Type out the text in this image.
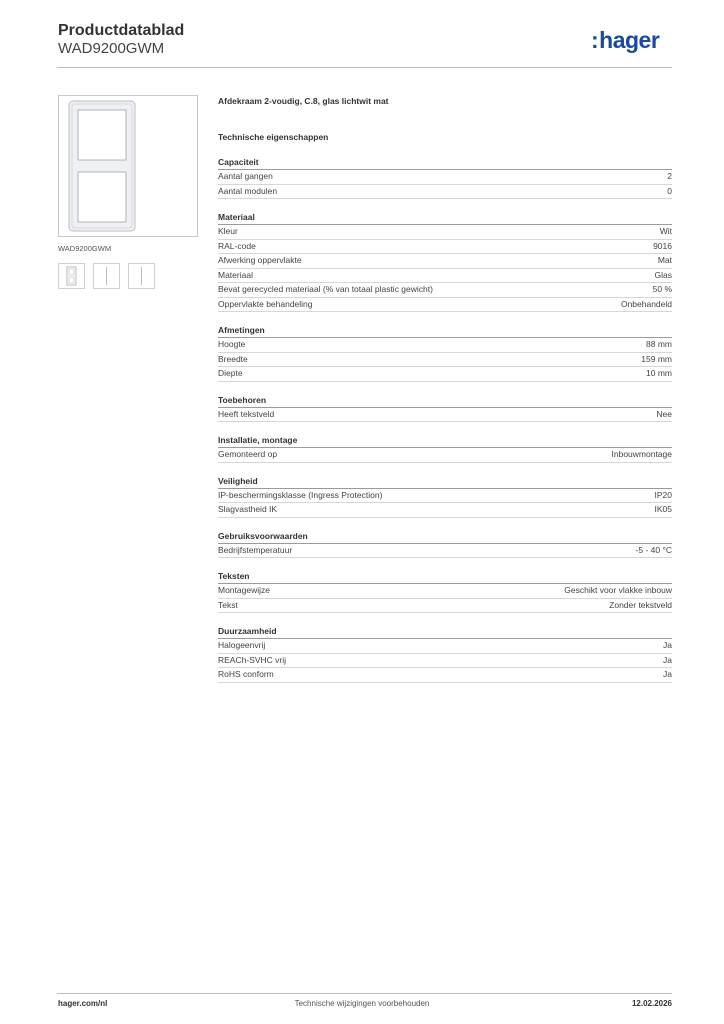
Productdatablad
WAD9200GWM	:hager
WAD9200GWM
Afdekraam 2-voudig, C.8, glas lichtwit mat
Technische eigenschappen
Capaciteit
Aantal gangen	2
Aantal modulen	0
Materiaal
Kleur	Wit
RAL-code	9016
Afwerking oppervlakte	Mat
Materiaal	Glas
Bevat gerecycled materiaal (% van totaal plastic gewicht)	50 %
Oppervlakte behandeling	Onbehandeld
Afmetingen
Hoogte	88 mm
Breedte	159 mm
Diepte	10 mm
Toebehoren
Heeft tekstveld	Nee
Installatie, montage
Gemonteerd op	Inbouwmontage
Veiligheid
IP-beschermingsklasse (Ingress Protection)	IP20
Slagvastheid IK	IK05
Gebruiksvoorwaarden
Bedrijfstemperatuur	-5 - 40 °C
Teksten
Montagewijze	Geschikt voor vlakke inbouw
Tekst	Zonder tekstveld
Duurzaamheid
Halogeenvrij	Ja
REACh-SVHC vrij	Ja
RoHS conform	Ja
hager.com/nl	Technische wijzigingen voorbehouden	12.02.2026
